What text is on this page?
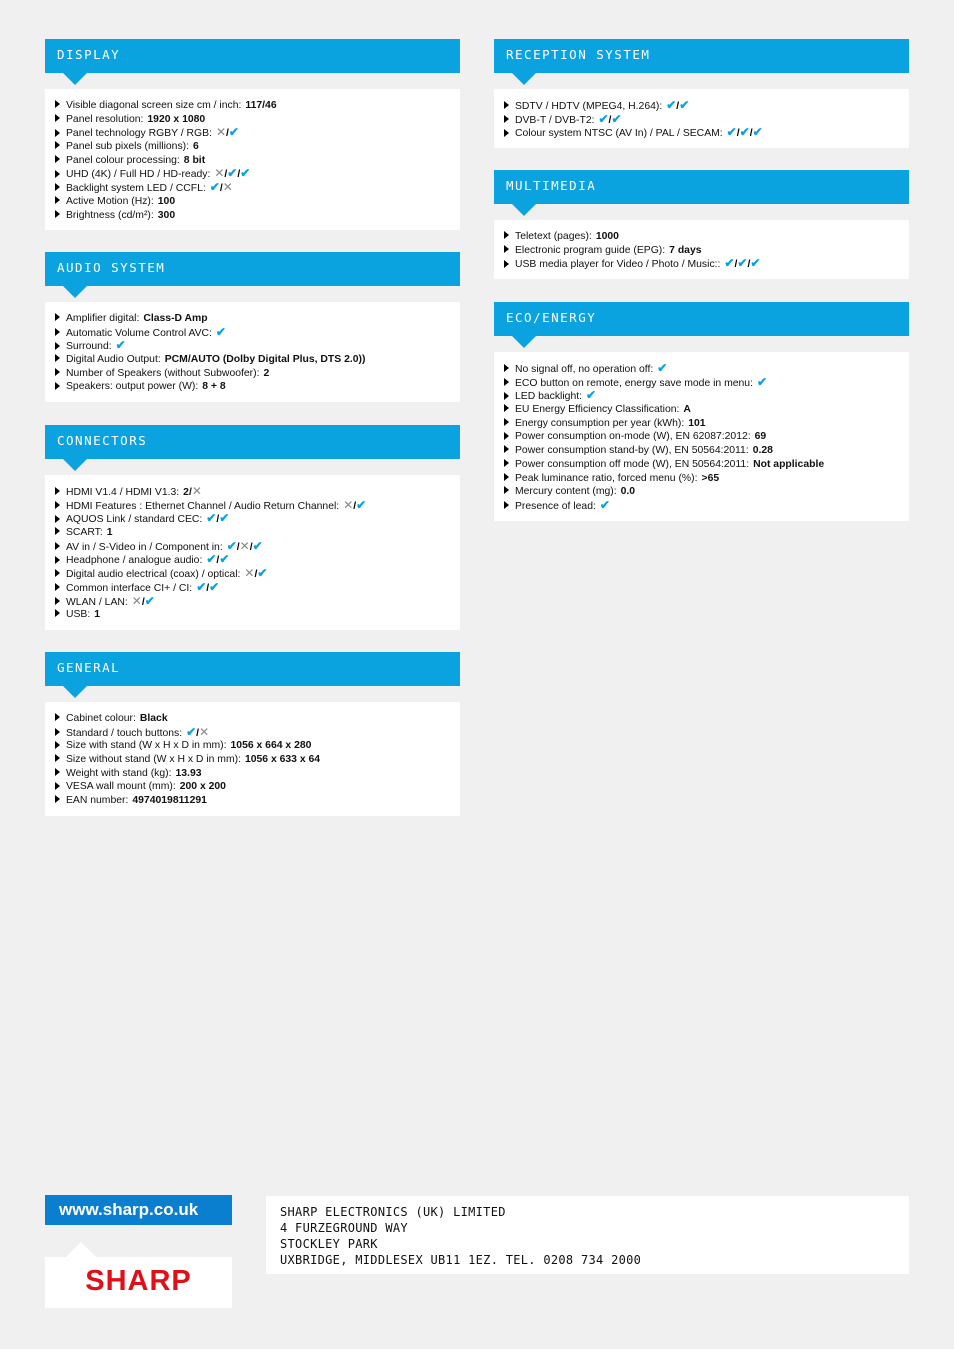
DISPLAY
Visible diagonal screen size cm / inch: 117/46
Panel resolution: 1920 x 1080
Panel technology RGBY / RGB: ✕/✔
Panel sub pixels (millions): 6
Panel colour processing: 8 bit
UHD (4K) / Full HD / HD-ready: ✕/✔/✔
Backlight system LED / CCFL: ✔/✕
Active Motion (Hz): 100
Brightness (cd/m²): 300
AUDIO SYSTEM
Amplifier digital: Class-D Amp
Automatic Volume Control AVC: ✔
Surround: ✔
Digital Audio Output: PCM/AUTO (Dolby Digital Plus, DTS 2.0))
Number of Speakers (without Subwoofer): 2
Speakers: output power (W): 8 + 8
CONNECTORS
HDMI V1.4 / HDMI V1.3: 2/✕
HDMI Features : Ethernet Channel / Audio Return Channel: ✕/✔
AQUOS Link / standard CEC: ✔/✔
SCART: 1
AV in / S-Video in / Component in: ✔/✕/✔
Headphone / analogue audio: ✔/✔
Digital audio electrical (coax) / optical: ✕/✔
Common interface CI+ / CI: ✔/✔
WLAN / LAN: ✕/✔
USB: 1
GENERAL
Cabinet colour: Black
Standard / touch buttons: ✔/✕
Size with stand (W x H x D in mm): 1056 x 664 x 280
Size without stand (W x H x D in mm): 1056 x 633 x 64
Weight with stand (kg): 13.93
VESA wall mount (mm): 200 x 200
EAN number: 4974019811291
RECEPTION SYSTEM
SDTV / HDTV (MPEG4, H.264): ✔/✔
DVB-T / DVB-T2: ✔/✔
Colour system NTSC (AV In) / PAL / SECAM: ✔/✔/✔
MULTIMEDIA
Teletext (pages): 1000
Electronic program guide (EPG): 7 days
USB media player for Video / Photo / Music:: ✔/✔/✔
ECO/ENERGY
No signal off, no operation off: ✔
ECO button on remote, energy save mode in menu: ✔
LED backlight: ✔
EU Energy Efficiency Classification: A
Energy consumption per year (kWh): 101
Power consumption on-mode (W), EN 62087:2012: 69
Power consumption stand-by (W), EN 50564:2011: 0.28
Power consumption off mode (W), EN 50564:2011: Not applicable
Peak luminance ratio, forced menu (%): >65
Mercury content (mg): 0.0
Presence of lead: ✔
www.sharp.co.uk
SHARP
SHARP ELECTRONICS (UK) LIMITED
4 FURZEGROUND WAY
STOCKLEY PARK
UXBRIDGE, MIDDLESEX UB11 1EZ. TEL. 0208 734 2000
